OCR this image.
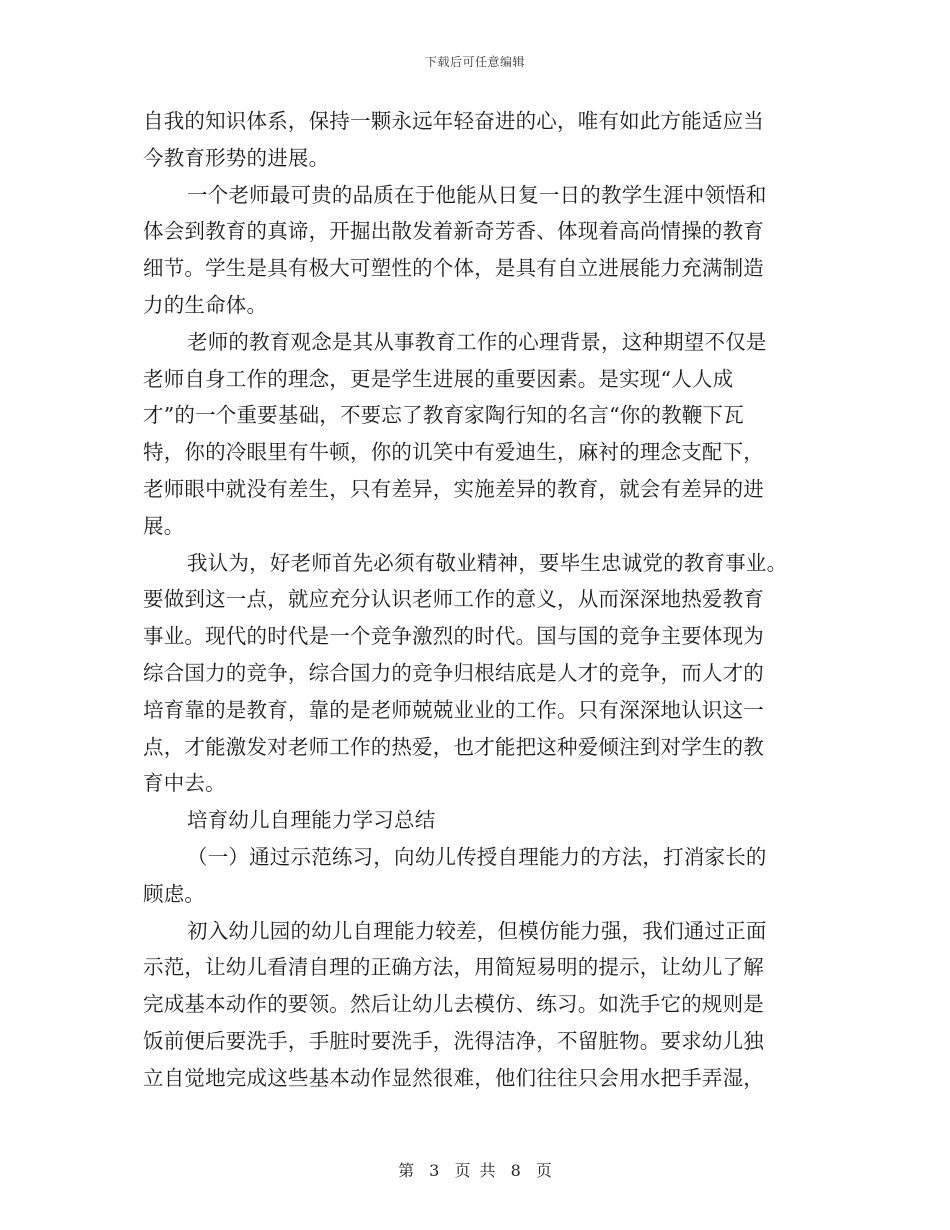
下载后可任意编辑
自我的知识体系，保持一颗永远年轻奋进的心，唯有如此方能适应当
今教育形势的进展。
一个老师最可贵的品质在于他能从日复一日的教学生涯中领悟和
体会到教育的真谛，开掘出散发着新奇芳香、体现着高尚情操的教育
细节。学生是具有极大可塑性的个体，是具有自立进展能力充满制造
力的生命体。
老师的教育观念是其从事教育工作的心理背景，这种期望不仅是
老师自身工作的理念，更是学生进展的重要因素。是实现“人人成
才”的一个重要基础，不要忘了教育家陶行知的名言“你的教鞭下瓦
特，你的冷眼里有牛顿，你的讥笑中有爱迪生，麻衬的理念支配下，
老师眼中就没有差生，只有差异，实施差异的教育，就会有差异的进
展。
我认为，好老师首先必须有敬业精神，要毕生忠诚党的教育事业。
要做到这一点，就应充分认识老师工作的意义，从而深深地热爱教育
事业。现代的时代是一个竞争激烈的时代。国与国的竞争主要体现为
综合国力的竞争，综合国力的竞争归根结底是人才的竞争，而人才的
培育靠的是教育，靠的是老师兢兢业业的工作。只有深深地认识这一
点，才能激发对老师工作的热爱，也才能把这种爱倾注到对学生的教
育中去。
培育幼儿自理能力学习总结
（一）通过示范练习，向幼儿传授自理能力的方法，打消家长的
顾虑。
初入幼儿园的幼儿自理能力较差，但模仿能力强，我们通过正面
示范，让幼儿看清自理的正确方法，用简短易明的提示，让幼儿了解
完成基本动作的要领。然后让幼儿去模仿、练习。如洗手它的规则是
饭前便后要洗手，手脏时要洗手，洗得洁净，不留脏物。要求幼儿独
立自觉地完成这些基本动作显然很难，他们往往只会用水把手弄湿，
第 3 页 共 8 页
